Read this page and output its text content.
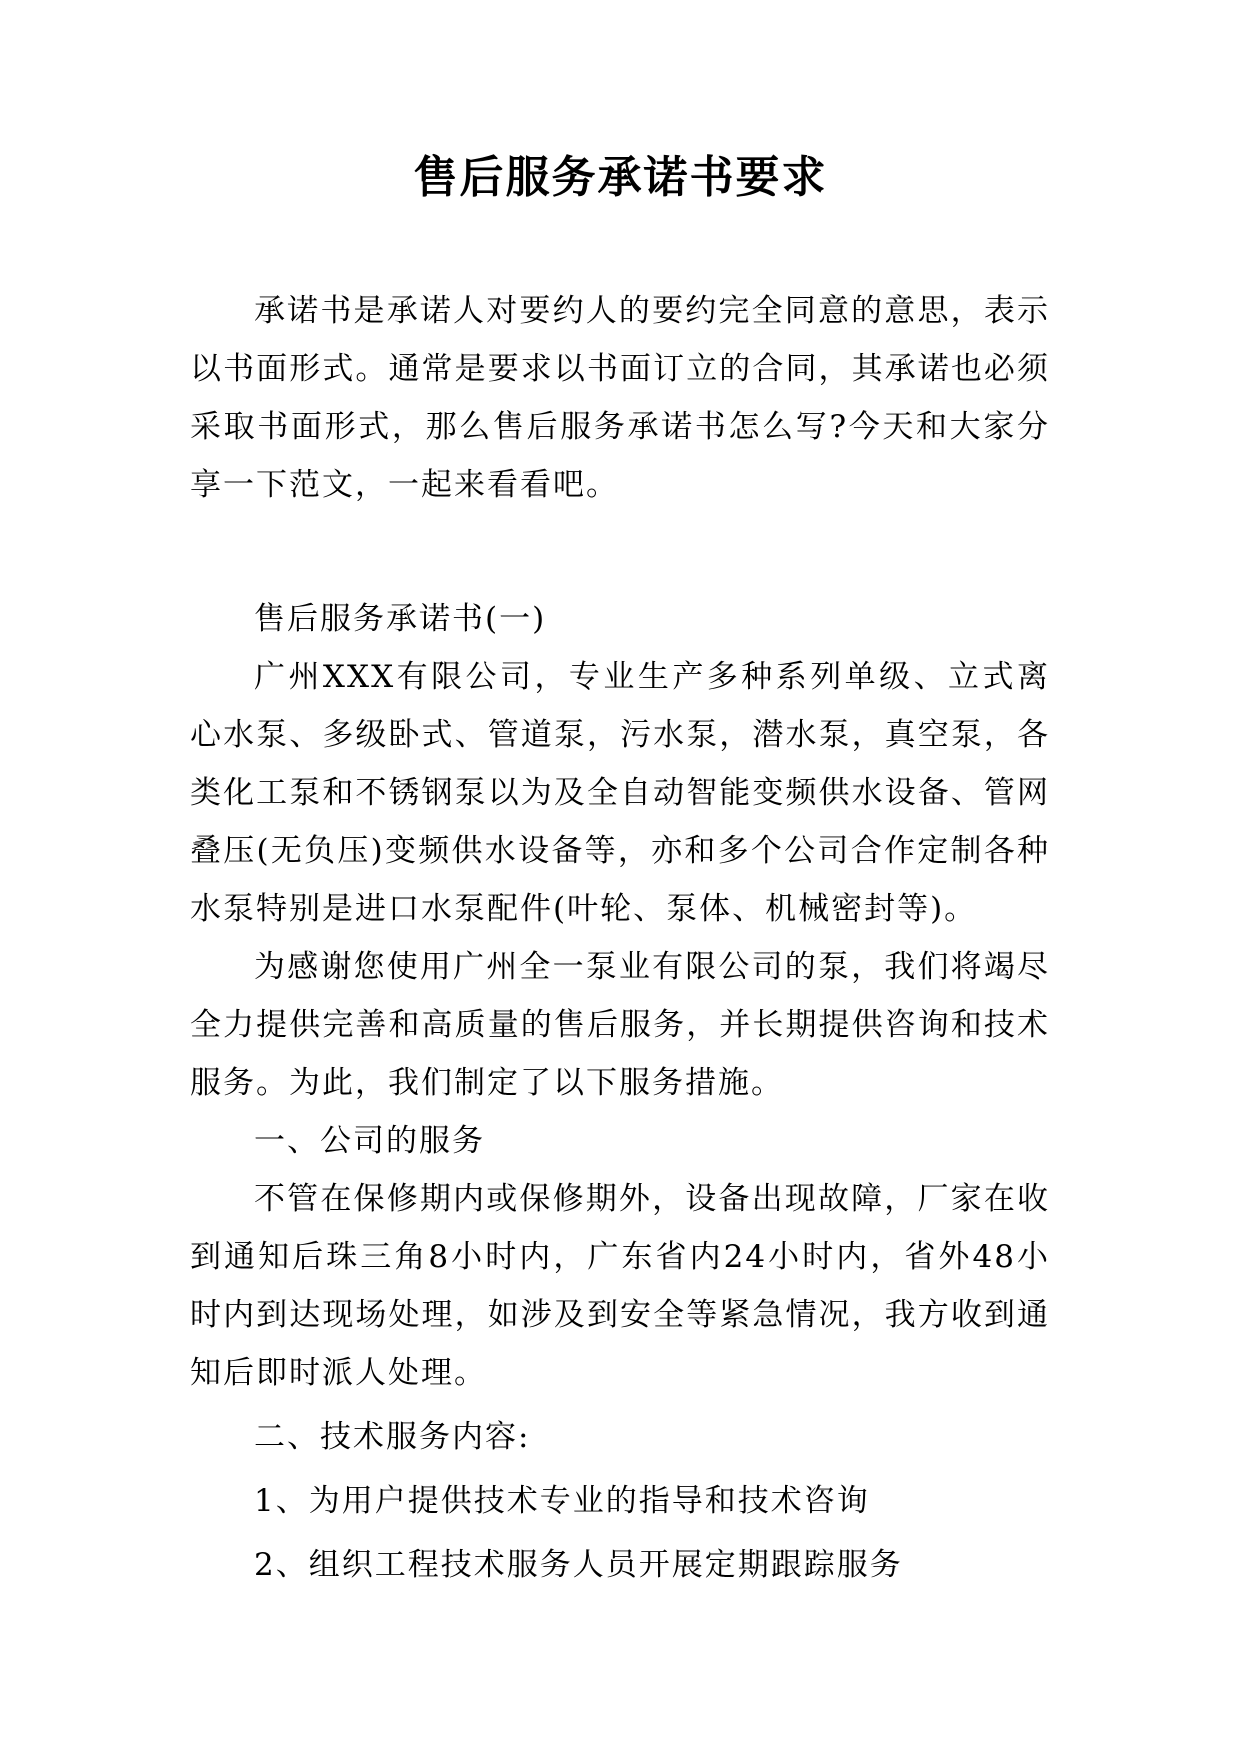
售后服务承诺书要求

承诺书是承诺人对要约人的要约完全同意的意思，表示以书面形式。通常是要求以书面订立的合同，其承诺也必须采取书面形式，那么售后服务承诺书怎么写?今天和大家分享一下范文，一起来看看吧。

售后服务承诺书(一)

广州XXX有限公司，专业生产多种系列单级、立式离心水泵、多级卧式、管道泵，污水泵，潜水泵，真空泵，各类化工泵和不锈钢泵以为及全自动智能变频供水设备、管网叠压(无负压)变频供水设备等，亦和多个公司合作定制各种水泵特别是进口水泵配件(叶轮、泵体、机械密封等)。

为感谢您使用广州全一泵业有限公司的泵，我们将竭尽全力提供完善和高质量的售后服务，并长期提供咨询和技术服务。为此，我们制定了以下服务措施。

一、公司的服务

不管在保修期内或保修期外，设备出现故障，厂家在收到通知后珠三角8小时内，广东省内24小时内，省外48小时内到达现场处理，如涉及到安全等紧急情况，我方收到通知后即时派人处理。

二、技术服务内容:

1、为用户提供技术专业的指导和技术咨询

2、组织工程技术服务人员开展定期跟踪服务
